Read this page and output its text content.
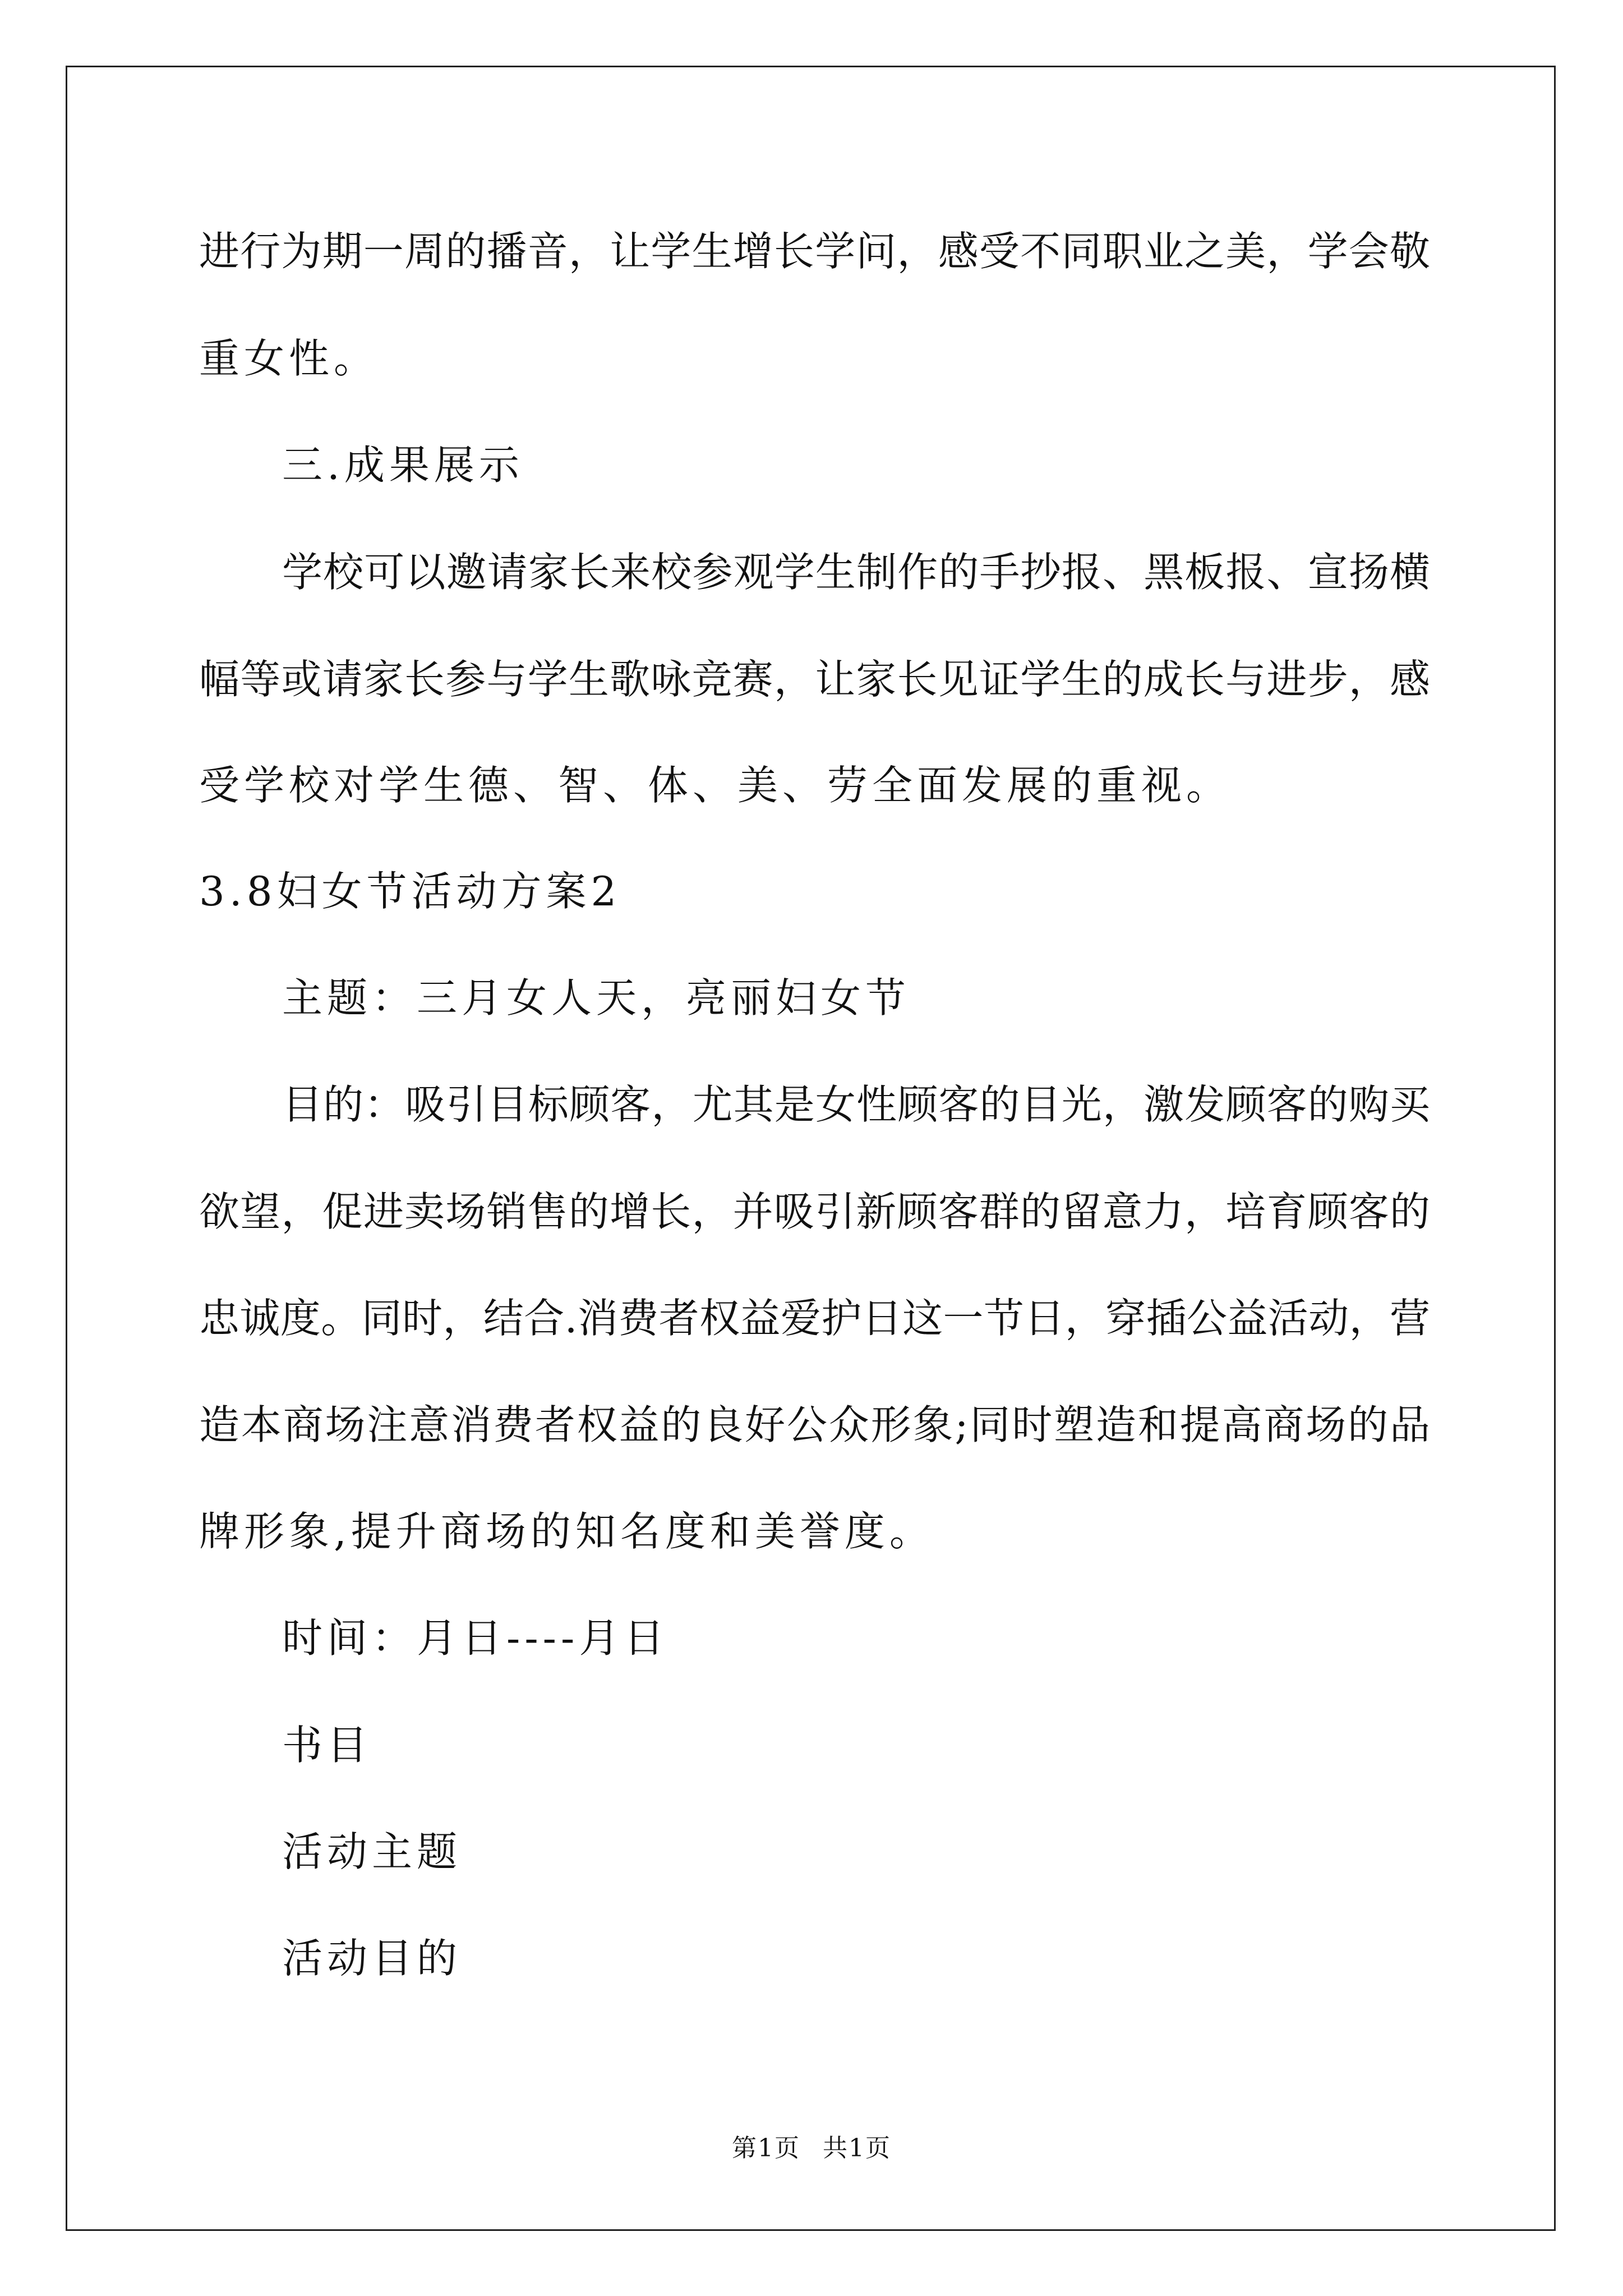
进行为期一周的播音，让学生增长学问，感受不同职业之美，学会敬
重女性。
三.成果展示
学校可以邀请家长来校参观学生制作的手抄报、黑板报、宣扬横
幅等或请家长参与学生歌咏竞赛，让家长见证学生的成长与进步，感
受学校对学生德、智、体、美、劳全面发展的重视。
3.8妇女节活动方案2
主题：三月女人天，亮丽妇女节
目的：吸引目标顾客，尤其是女性顾客的目光，激发顾客的购买
欲望，促进卖场销售的增长，并吸引新顾客群的留意力，培育顾客的
忠诚度。同时，结合.消费者权益爱护日这一节日，穿插公益活动，营
造本商场注意消费者权益的良好公众形象;同时塑造和提高商场的品
牌形象,提升商场的知名度和美誉度。
时间：月日----月日
书目
活动主题
活动目的
第1页 共1页
